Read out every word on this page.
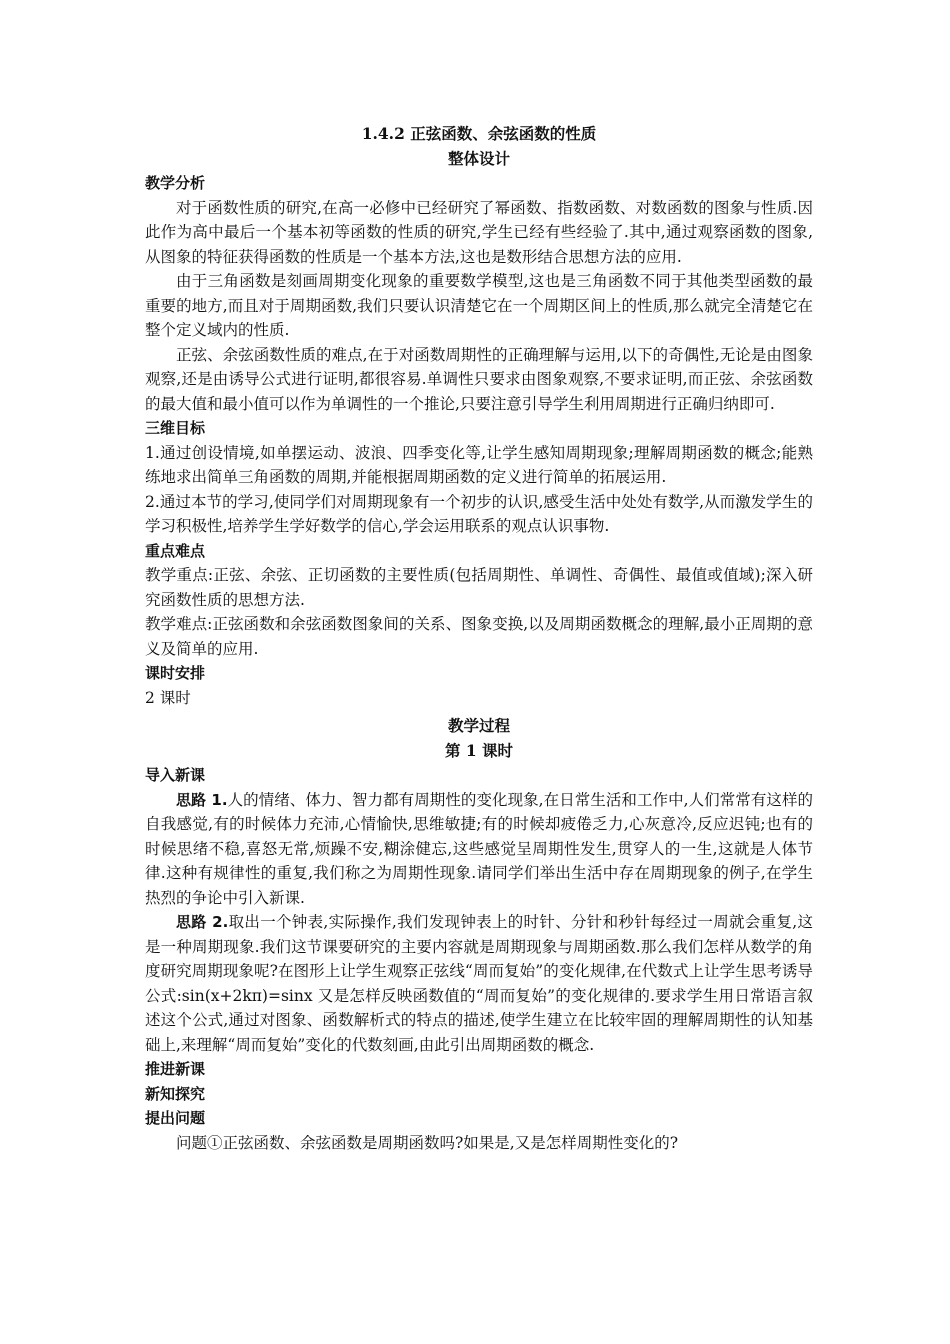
1.4.2 正弦函数、余弦函数的性质

整体设计

教学分析

对于函数性质的研究,在高一必修中已经研究了幂函数、指数函数、对数函数的图象与性质.因此作为高中最后一个基本初等函数的性质的研究,学生已经有些经验了.其中,通过观察函数的图象,从图象的特征获得函数的性质是一个基本方法,这也是数形结合思想方法的应用.

由于三角函数是刻画周期变化现象的重要数学模型,这也是三角函数不同于其他类型函数的最重要的地方,而且对于周期函数,我们只要认识清楚它在一个周期区间上的性质,那么就完全清楚它在整个定义域内的性质.

正弦、余弦函数性质的难点,在于对函数周期性的正确理解与运用,以下的奇偶性,无论是由图象观察,还是由诱导公式进行证明,都很容易.单调性只要求由图象观察,不要求证明,而正弦、余弦函数的最大值和最小值可以作为单调性的一个推论,只要注意引导学生利用周期进行正确归纳即可.

三维目标

1.通过创设情境,如单摆运动、波浪、四季变化等,让学生感知周期现象;理解周期函数的概念;能熟练地求出简单三角函数的周期,并能根据周期函数的定义进行简单的拓展运用.

2.通过本节的学习,使同学们对周期现象有一个初步的认识,感受生活中处处有数学,从而激发学生的学习积极性,培养学生学好数学的信心,学会运用联系的观点认识事物.

重点难点

教学重点:正弦、余弦、正切函数的主要性质(包括周期性、单调性、奇偶性、最值或值域);深入研究函数性质的思想方法.

教学难点:正弦函数和余弦函数图象间的关系、图象变换,以及周期函数概念的理解,最小正周期的意义及简单的应用.

课时安排

2 课时

教学过程

第 1 课时

导入新课

思路 1.人的情绪、体力、智力都有周期性的变化现象,在日常生活和工作中,人们常常有这样的自我感觉,有的时候体力充沛,心情愉快,思维敏捷;有的时候却疲倦乏力,心灰意冷,反应迟钝;也有的时候思绪不稳,喜怒无常,烦躁不安,糊涂健忘,这些感觉呈周期性发生,贯穿人的一生,这就是人体节律.这种有规律性的重复,我们称之为周期性现象.请同学们举出生活中存在周期现象的例子,在学生热烈的争论中引入新课.

思路 2.取出一个钟表,实际操作,我们发现钟表上的时针、分针和秒针每经过一周就会重复,这是一种周期现象.我们这节课要研究的主要内容就是周期现象与周期函数.那么我们怎样从数学的角度研究周期现象呢?在图形上让学生观察正弦线“周而复始”的变化规律,在代数式上让学生思考诱导公式:sin(x+2kπ)=sinx 又是怎样反映函数值的“周而复始”的变化规律的.要求学生用日常语言叙述这个公式,通过对图象、函数解析式的特点的描述,使学生建立在比较牢固的理解周期性的认知基础上,来理解“周而复始”变化的代数刻画,由此引出周期函数的概念.

推进新课

新知探究

提出问题

问题①正弦函数、余弦函数是周期函数吗?如果是,又是怎样周期性变化的?
